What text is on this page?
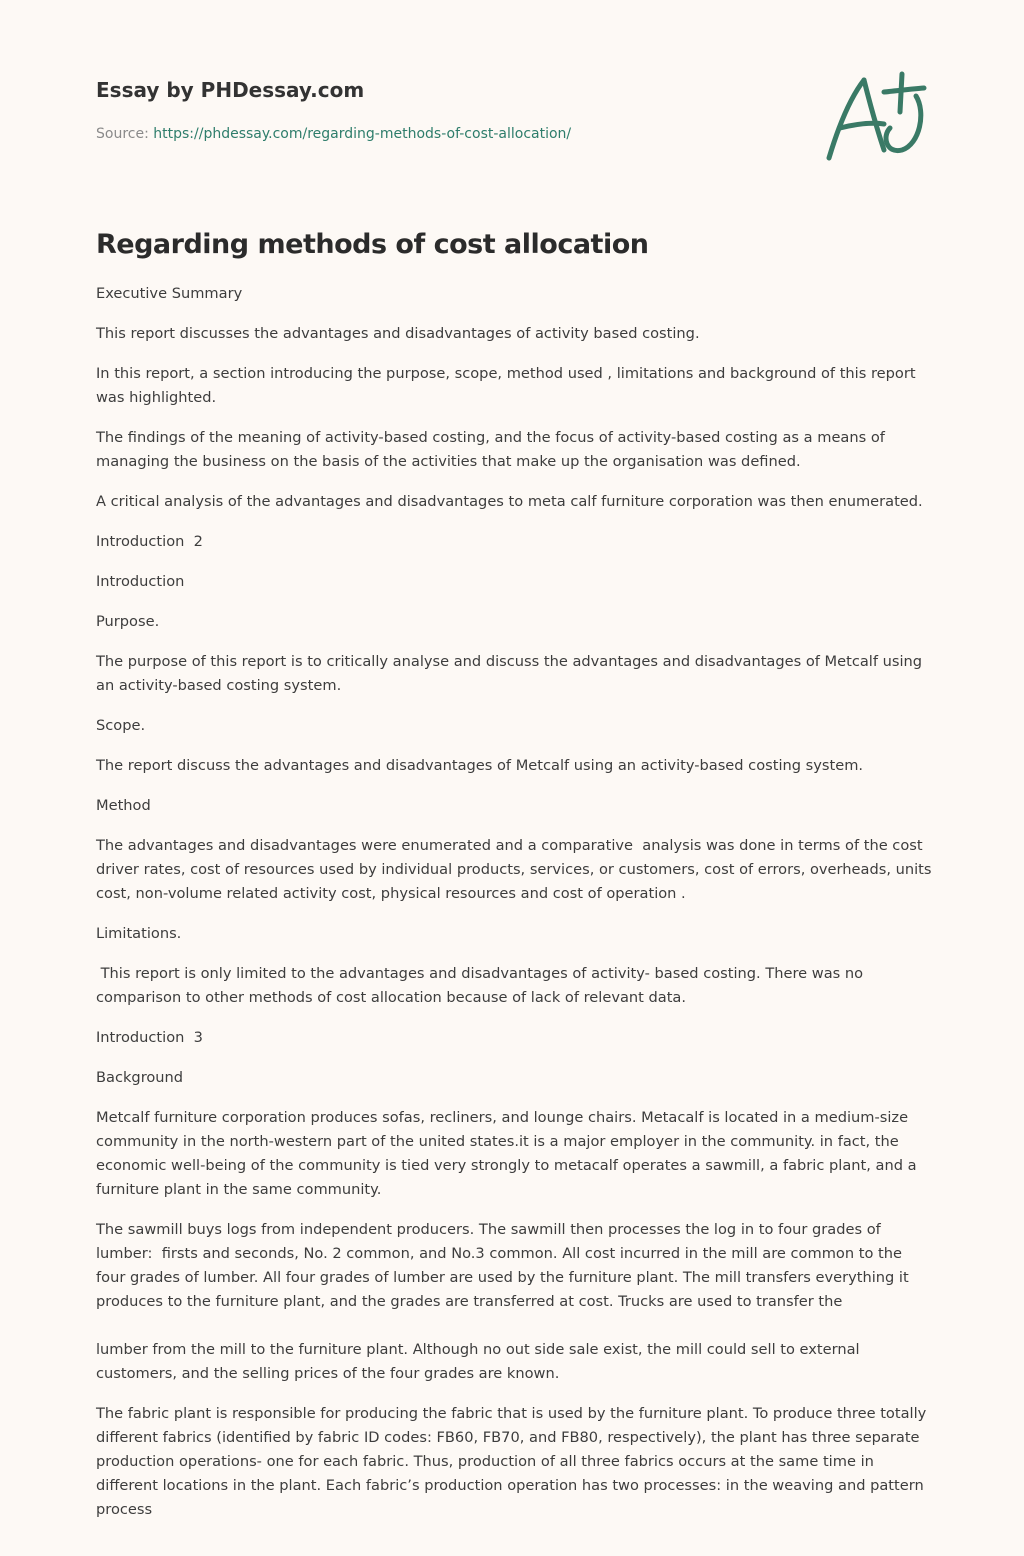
Essay by PHDessay.com
Source: https://phdessay.com/regarding-methods-of-cost-allocation/
Regarding methods of cost allocation

Executive Summary

This report discusses the advantages and disadvantages of activity based costing.

In this report, a section introducing the purpose, scope, method used , limitations and background of this report was highlighted.

The findings of the meaning of activity-based costing, and the focus of activity-based costing as a means of managing the business on the basis of the activities that make up the organisation was defined.

A critical analysis of the advantages and disadvantages to meta calf furniture corporation was then enumerated.

Introduction  2

Introduction

Purpose.

The purpose of this report is to critically analyse and discuss the advantages and disadvantages of Metcalf using an activity-based costing system.

Scope.

The report discuss the advantages and disadvantages of Metcalf using an activity-based costing system.

Method

The advantages and disadvantages were enumerated and a comparative  analysis was done in terms of the cost driver rates, cost of resources used by individual products, services, or customers, cost of errors, overheads, units cost, non-volume related activity cost, physical resources and cost of operation .

Limitations.

This report is only limited to the advantages and disadvantages of activity- based costing. There was no comparison to other methods of cost allocation because of lack of relevant data.

Introduction  3

Background

Metcalf furniture corporation produces sofas, recliners, and lounge chairs. Metacalf is located in a medium-size community in the north-western part of the united states.it is a major employer in the community. in fact, the economic well-being of the community is tied very strongly to metacalf operates a sawmill, a fabric plant, and a furniture plant in the same community.

The sawmill buys logs from independent producers. The sawmill then processes the log in to four grades of lumber:  firsts and seconds, No. 2 common, and No.3 common. All cost incurred in the mill are common to the four grades of lumber. All four grades of lumber are used by the furniture plant. The mill transfers everything it produces to the furniture plant, and the grades are transferred at cost. Trucks are used to transfer the

lumber from the mill to the furniture plant. Although no out side sale exist, the mill could sell to external customers, and the selling prices of the four grades are known.

The fabric plant is responsible for producing the fabric that is used by the furniture plant. To produce three totally different fabrics (identified by fabric ID codes: FB60, FB70, and FB80, respectively), the plant has three separate production operations- one for each fabric. Thus, production of all three fabrics occurs at the same time in different locations in the plant. Each fabric’s production operation has two processes: in the weaving and pattern process
